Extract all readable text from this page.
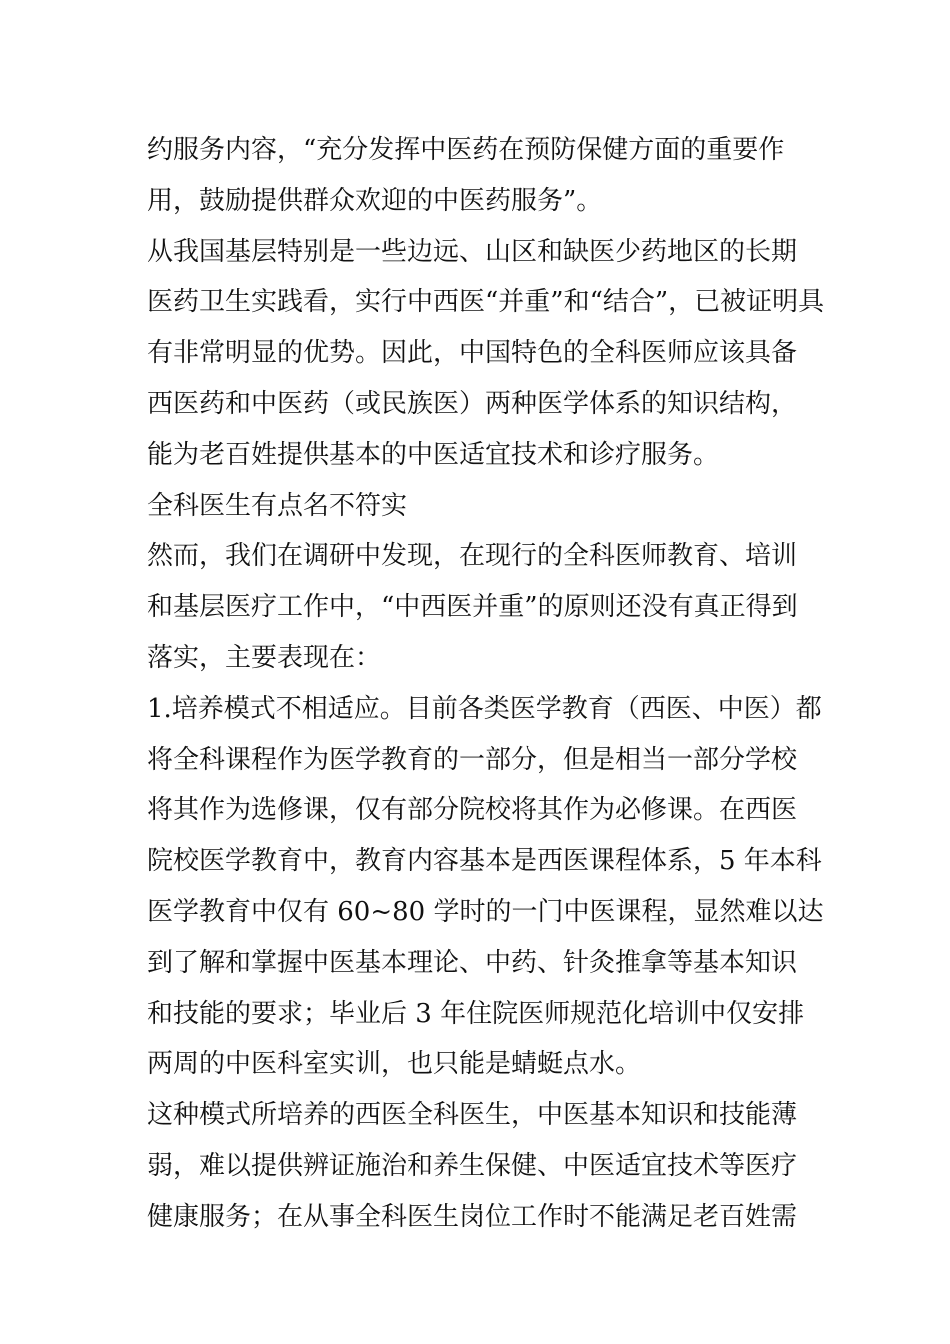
约服务内容，“充分发挥中医药在预防保健方面的重要作
用，鼓励提供群众欢迎的中医药服务”。
从我国基层特别是一些边远、山区和缺医少药地区的长期
医药卫生实践看，实行中西医“并重”和“结合”，已被证明具
有非常明显的优势。因此，中国特色的全科医师应该具备
西医药和中医药（或民族医）两种医学体系的知识结构，
能为老百姓提供基本的中医适宜技术和诊疗服务。
全科医生有点名不符实
然而，我们在调研中发现，在现行的全科医师教育、培训
和基层医疗工作中，“中西医并重”的原则还没有真正得到
落实，主要表现在：
1.培养模式不相适应。目前各类医学教育（西医、中医）都
将全科课程作为医学教育的一部分，但是相当一部分学校
将其作为选修课，仅有部分院校将其作为必修课。在西医
院校医学教育中，教育内容基本是西医课程体系，5 年本科
医学教育中仅有 60~80 学时的一门中医课程，显然难以达
到了解和掌握中医基本理论、中药、针灸推拿等基本知识
和技能的要求；毕业后 3 年住院医师规范化培训中仅安排
两周的中医科室实训，也只能是蜻蜓点水。
这种模式所培养的西医全科医生，中医基本知识和技能薄
弱，难以提供辨证施治和养生保健、中医适宜技术等医疗
健康服务；在从事全科医生岗位工作时不能满足老百姓需
